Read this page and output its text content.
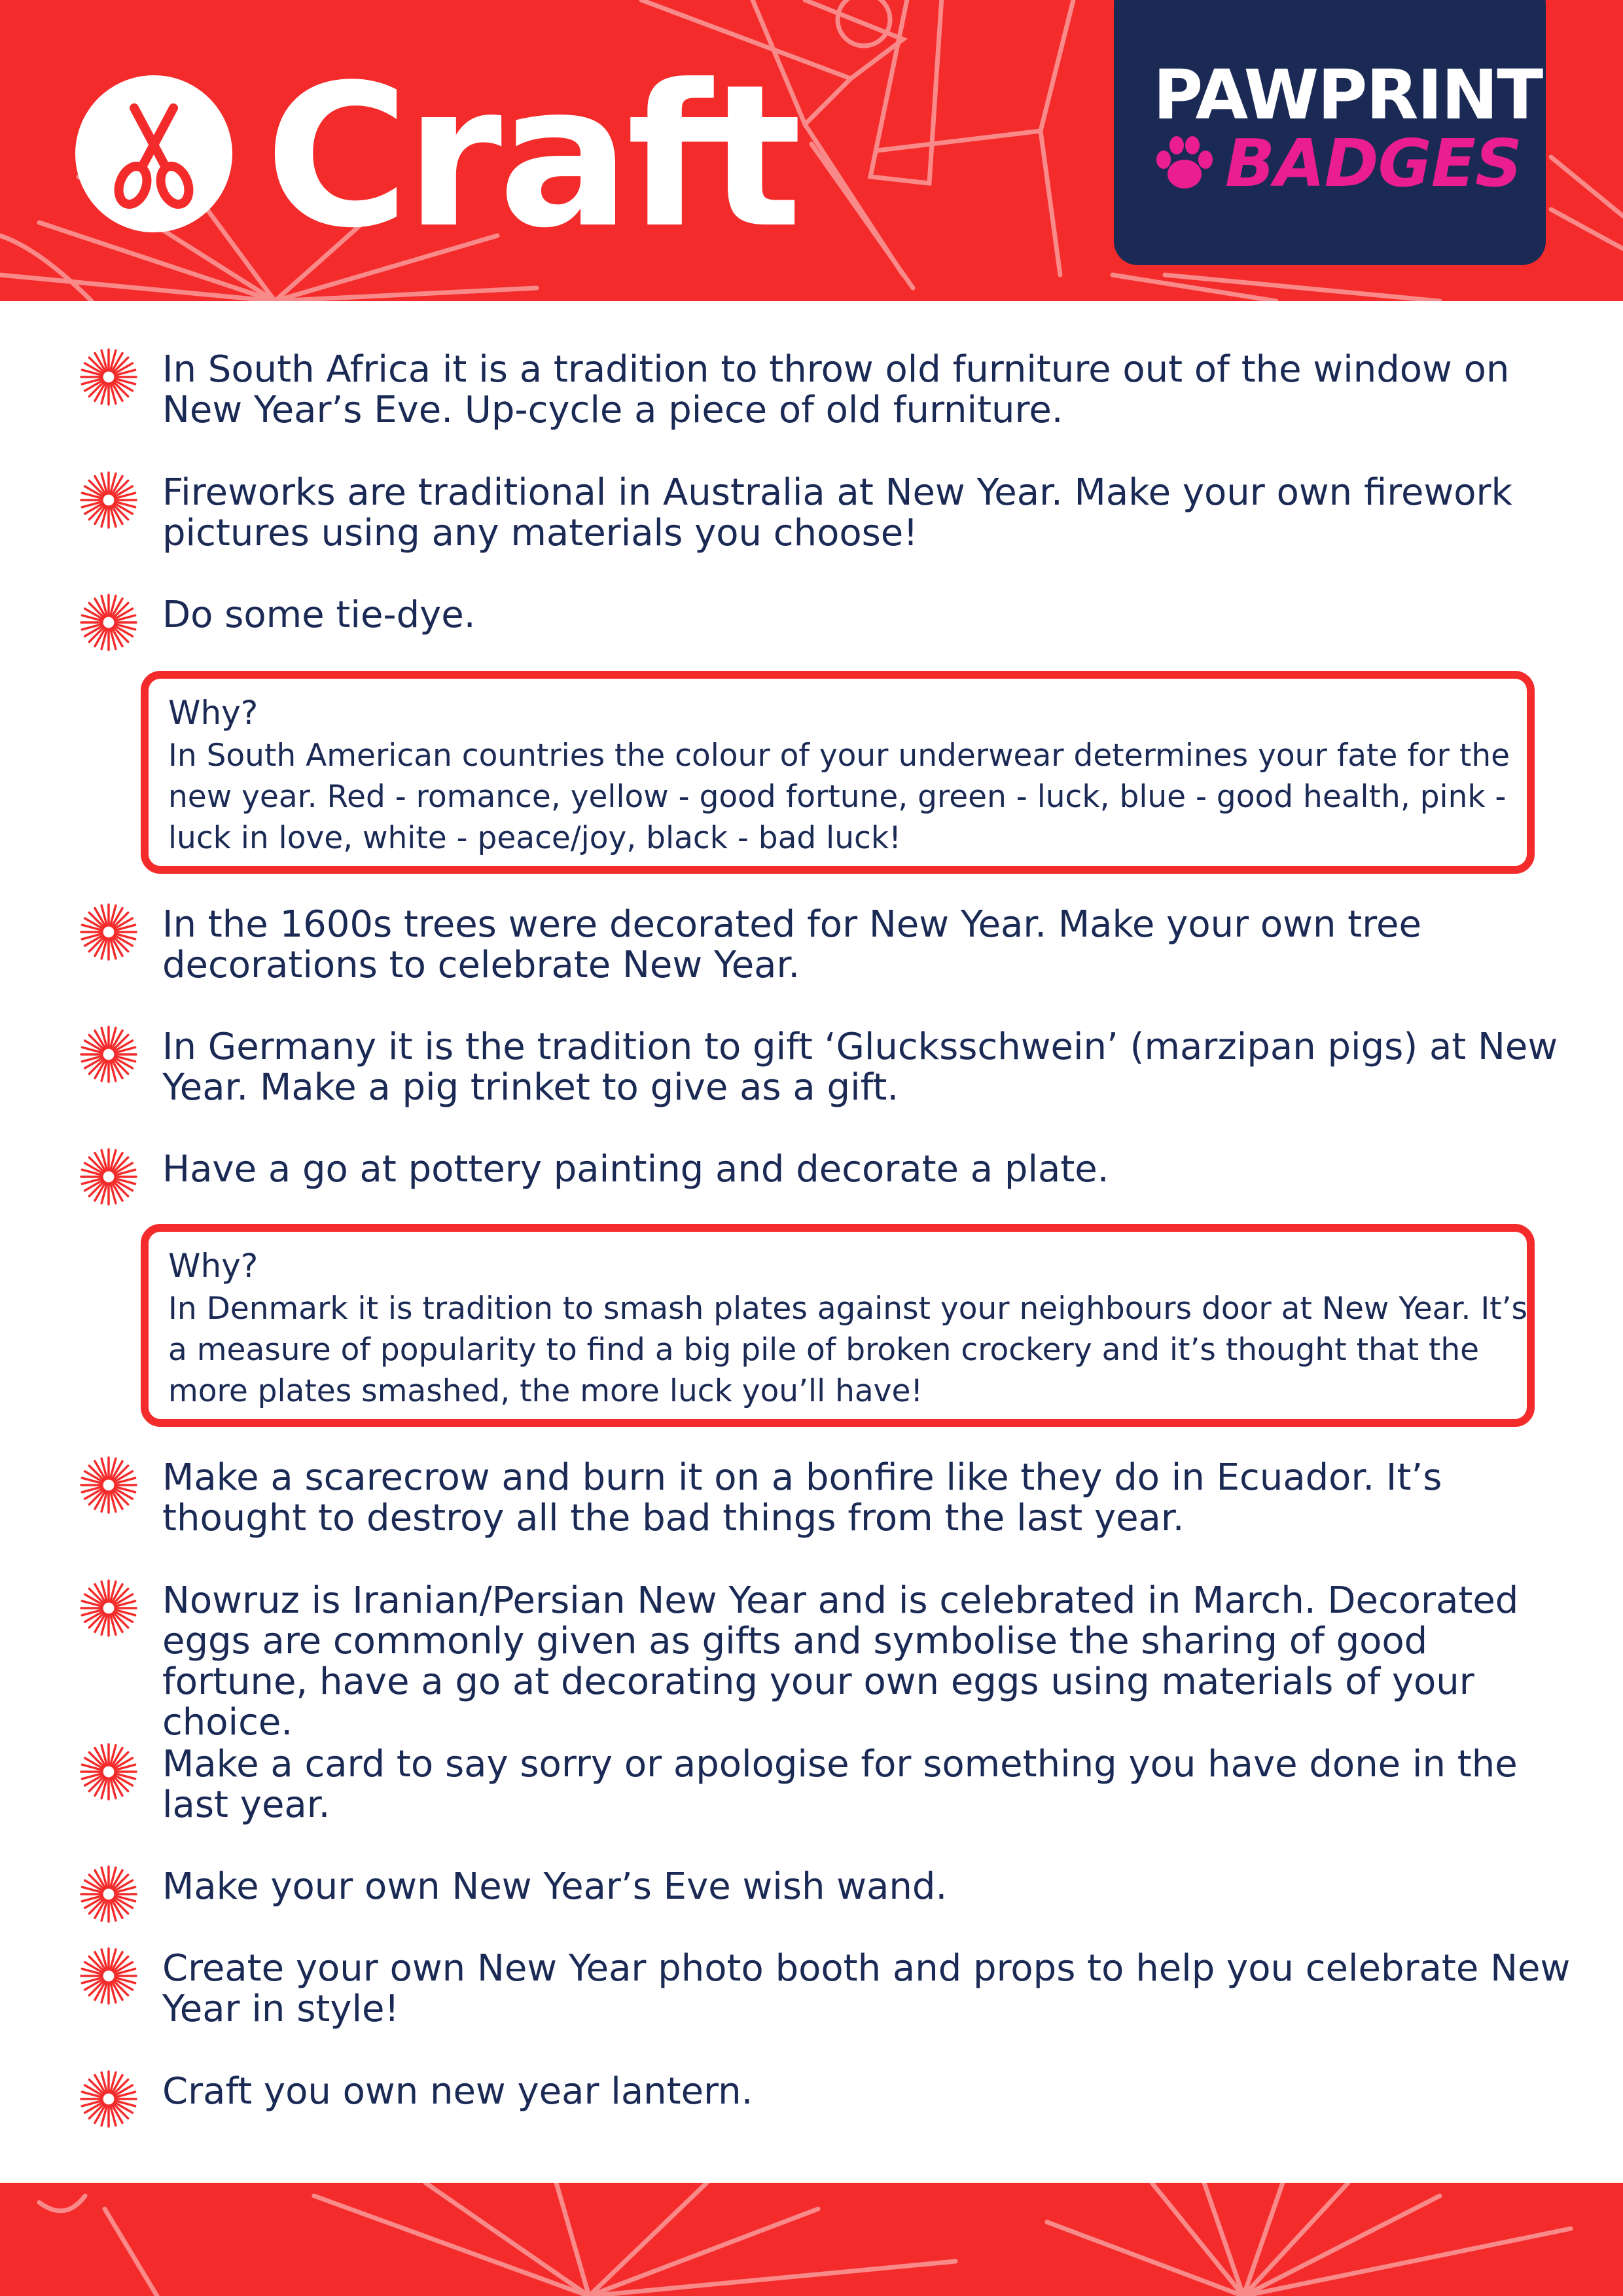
Craft	PAWPRINT
BADGES
In South Africa it is a tradition to throw old furniture out of the window on New Year’s Eve. Up-cycle a piece of old furniture.
Fireworks are traditional in Australia at New Year. Make your own firework pictures using any materials you choose!
Do some tie-dye.
Why?
In South American countries the colour of your underwear determines your fate for the new year. Red - romance, yellow - good fortune, green - luck, blue - good health, pink - luck in love, white - peace/joy, black - bad luck!
In the 1600s trees were decorated for New Year. Make your own tree decorations to celebrate New Year.
In Germany it is the tradition to gift ‘Glucksschwein’ (marzipan pigs) at New Year. Make a pig trinket to give as a gift.
Have a go at pottery painting and decorate a plate.
Why?
In Denmark it is tradition to smash plates against your neighbours door at New Year. It’s a measure of popularity to find a big pile of broken crockery and it’s thought that the more plates smashed, the more luck you’ll have!
Make a scarecrow and burn it on a bonfire like they do in Ecuador. It’s thought to destroy all the bad things from the last year.
Nowruz is Iranian/Persian New Year and is celebrated in March. Decorated eggs are commonly given as gifts and symbolise the sharing of good fortune, have a go at decorating your own eggs using materials of your choice.
Make a card to say sorry or apologise for something you have done in the last year.
Make your own New Year’s Eve wish wand.
Create your own New Year photo booth and props to help you celebrate New Year in style!
Craft you own new year lantern.
